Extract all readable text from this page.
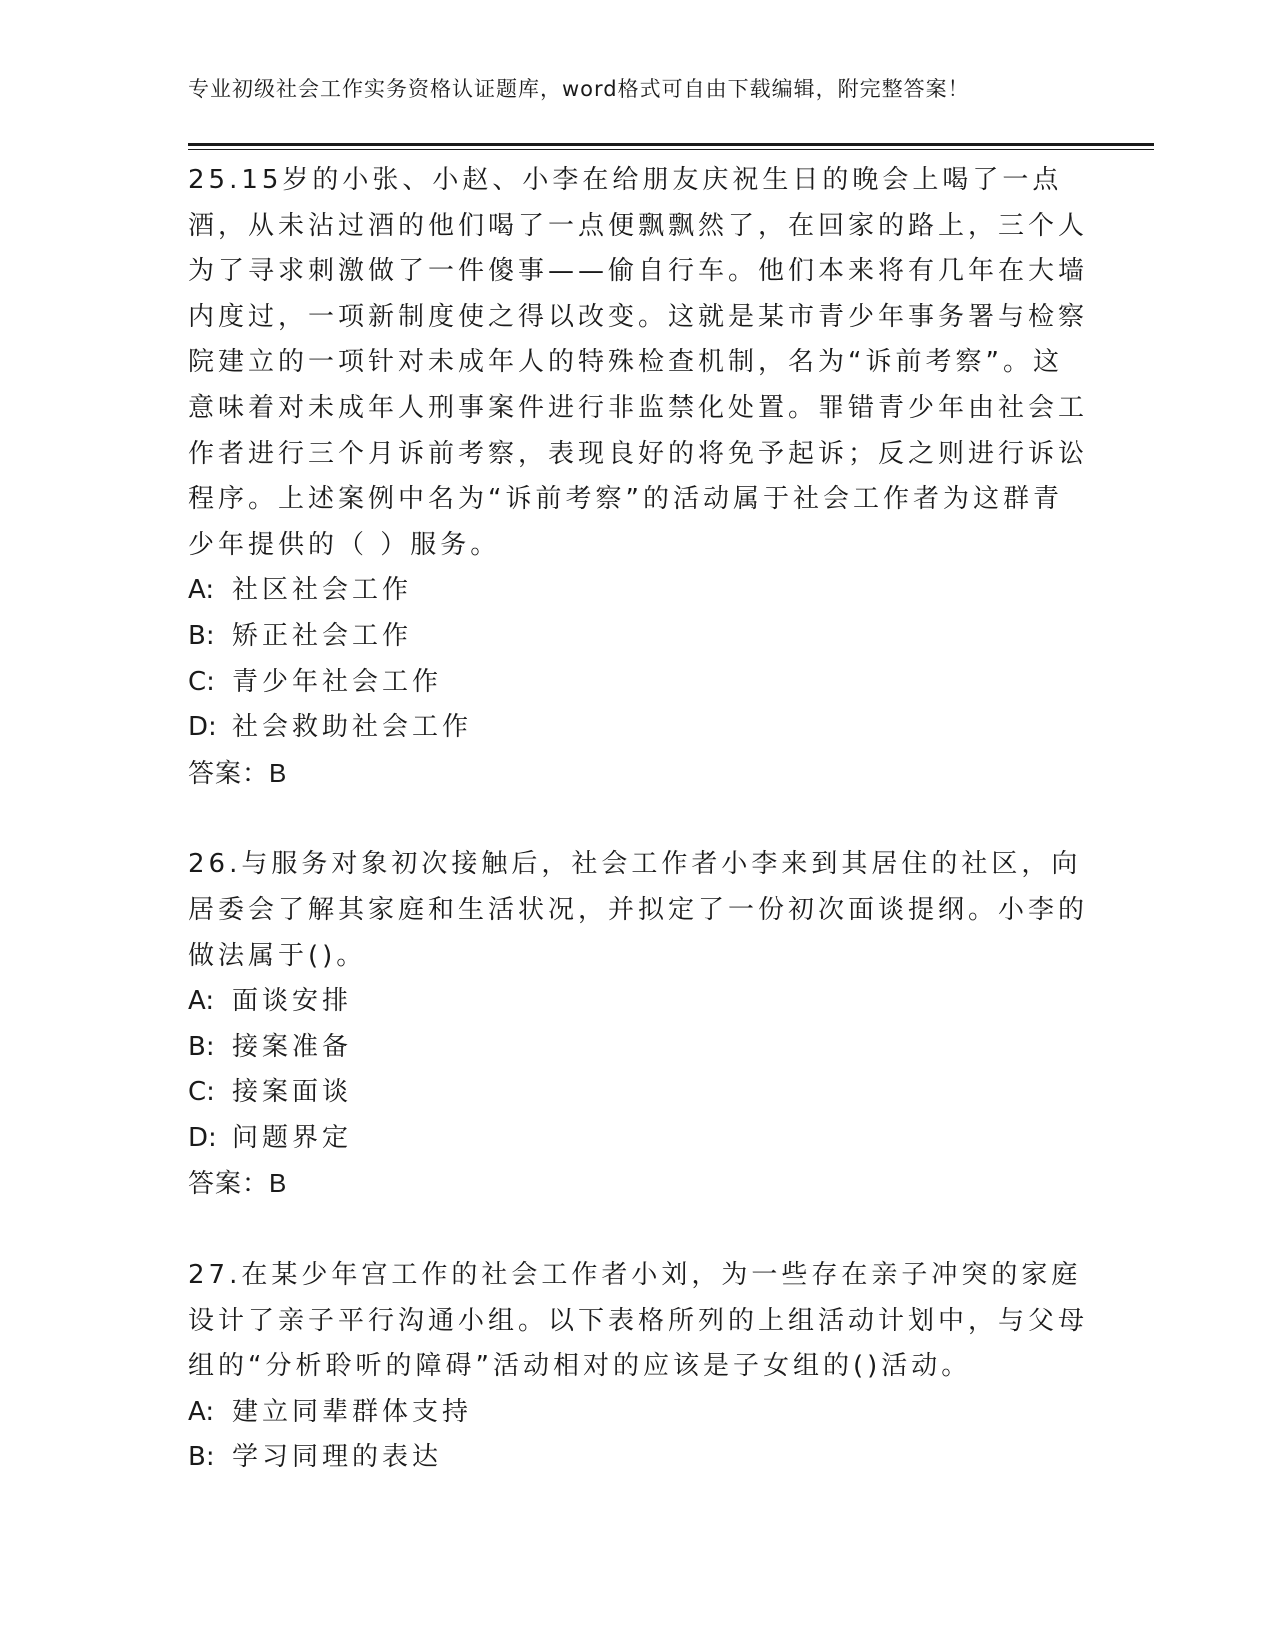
专业初级社会工作实务资格认证题库，word格式可自由下载编辑，附完整答案！
25.15岁的小张、小赵、小李在给朋友庆祝生日的晚会上喝了一点酒，从未沾过酒的他们喝了一点便飘飘然了，在回家的路上，三个人为了寻求刺激做了一件傻事——偷自行车。他们本来将有几年在大墙内度过，一项新制度使之得以改变。这就是某市青少年事务署与检察院建立的一项针对未成年人的特殊检查机制，名为“诉前考察”。这意味着对未成年人刑事案件进行非监禁化处置。罪错青少年由社会工作者进行三个月诉前考察，表现良好的将免予起诉；反之则进行诉讼程序。上述案例中名为“诉前考察”的活动属于社会工作者为这群青少年提供的（ ）服务。
A: 社区社会工作
B: 矫正社会工作
C: 青少年社会工作
D: 社会救助社会工作
答案：B
26.与服务对象初次接触后，社会工作者小李来到其居住的社区，向居委会了解其家庭和生活状况，并拟定了一份初次面谈提纲。小李的做法属于()。
A: 面谈安排
B: 接案准备
C: 接案面谈
D: 问题界定
答案：B
27.在某少年宫工作的社会工作者小刘，为一些存在亲子冲突的家庭设计了亲子平行沟通小组。以下表格所列的上组活动计划中，与父母组的“分析聆听的障碍”活动相对的应该是子女组的()活动。
A: 建立同辈群体支持
B: 学习同理的表达
